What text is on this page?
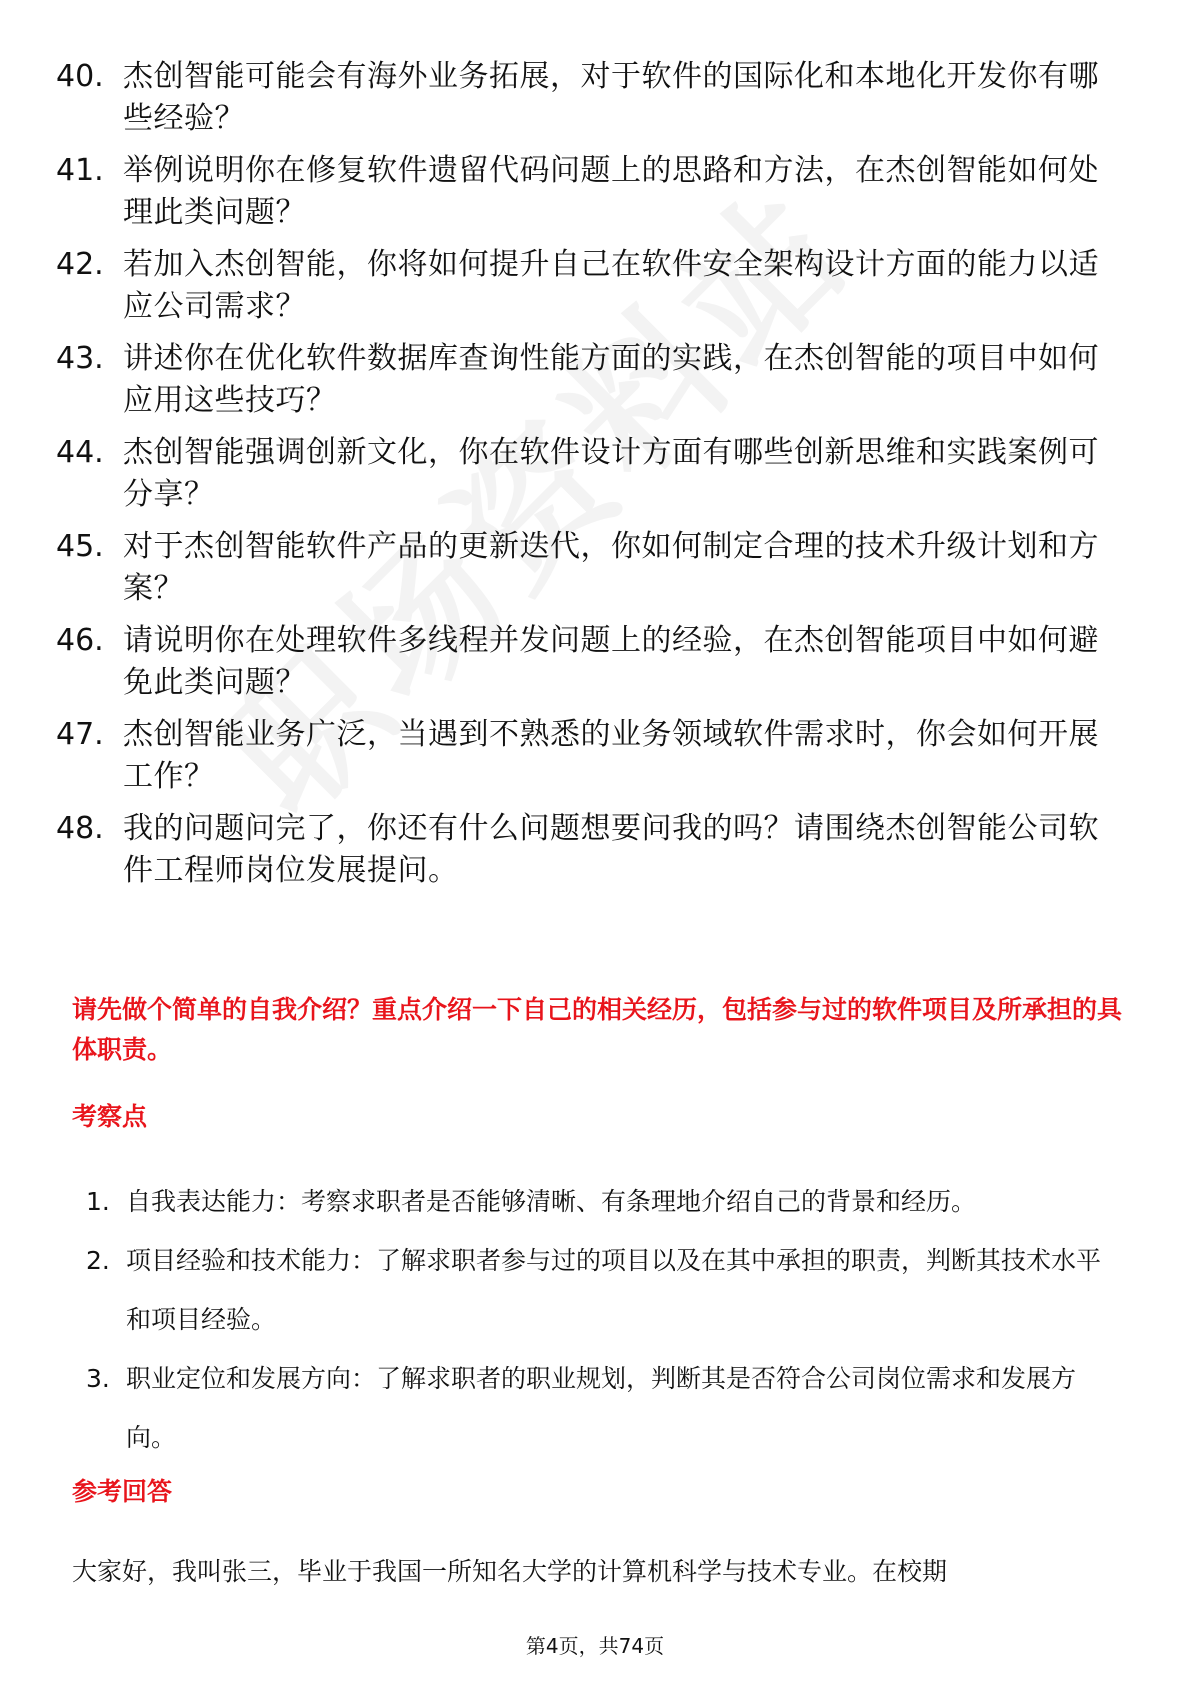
40. 杰创智能可能会有海外业务拓展，对于软件的国际化和本地化开发你有哪些经验？
41. 举例说明你在修复软件遗留代码问题上的思路和方法，在杰创智能如何处理此类问题？
42. 若加入杰创智能，你将如何提升自己在软件安全架构设计方面的能力以适应公司需求？
43. 讲述你在优化软件数据库查询性能方面的实践，在杰创智能的项目中如何应用这些技巧？
44. 杰创智能强调创新文化，你在软件设计方面有哪些创新思维和实践案例可分享？
45. 对于杰创智能软件产品的更新迭代，你如何制定合理的技术升级计划和方案？
46. 请说明你在处理软件多线程并发问题上的经验，在杰创智能项目中如何避免此类问题？
47. 杰创智能业务广泛，当遇到不熟悉的业务领域软件需求时，你会如何开展工作？
48. 我的问题问完了，你还有什么问题想要问我的吗？请围绕杰创智能公司软件工程师岗位发展提问。
请先做个简单的自我介绍？重点介绍一下自己的相关经历，包括参与过的软件项目及所承担的具体职责。
考察点
1. 自我表达能力：考察求职者是否能够清晰、有条理地介绍自己的背景和经历。
2. 项目经验和技术能力：了解求职者参与过的项目以及在其中承担的职责，判断其技术水平和项目经验。
3. 职业定位和发展方向：了解求职者的职业规划，判断其是否符合公司岗位需求和发展方向。
参考回答
大家好，我叫张三，毕业于我国一所知名大学的计算机科学与技术专业。在校期
第4页，共74页
